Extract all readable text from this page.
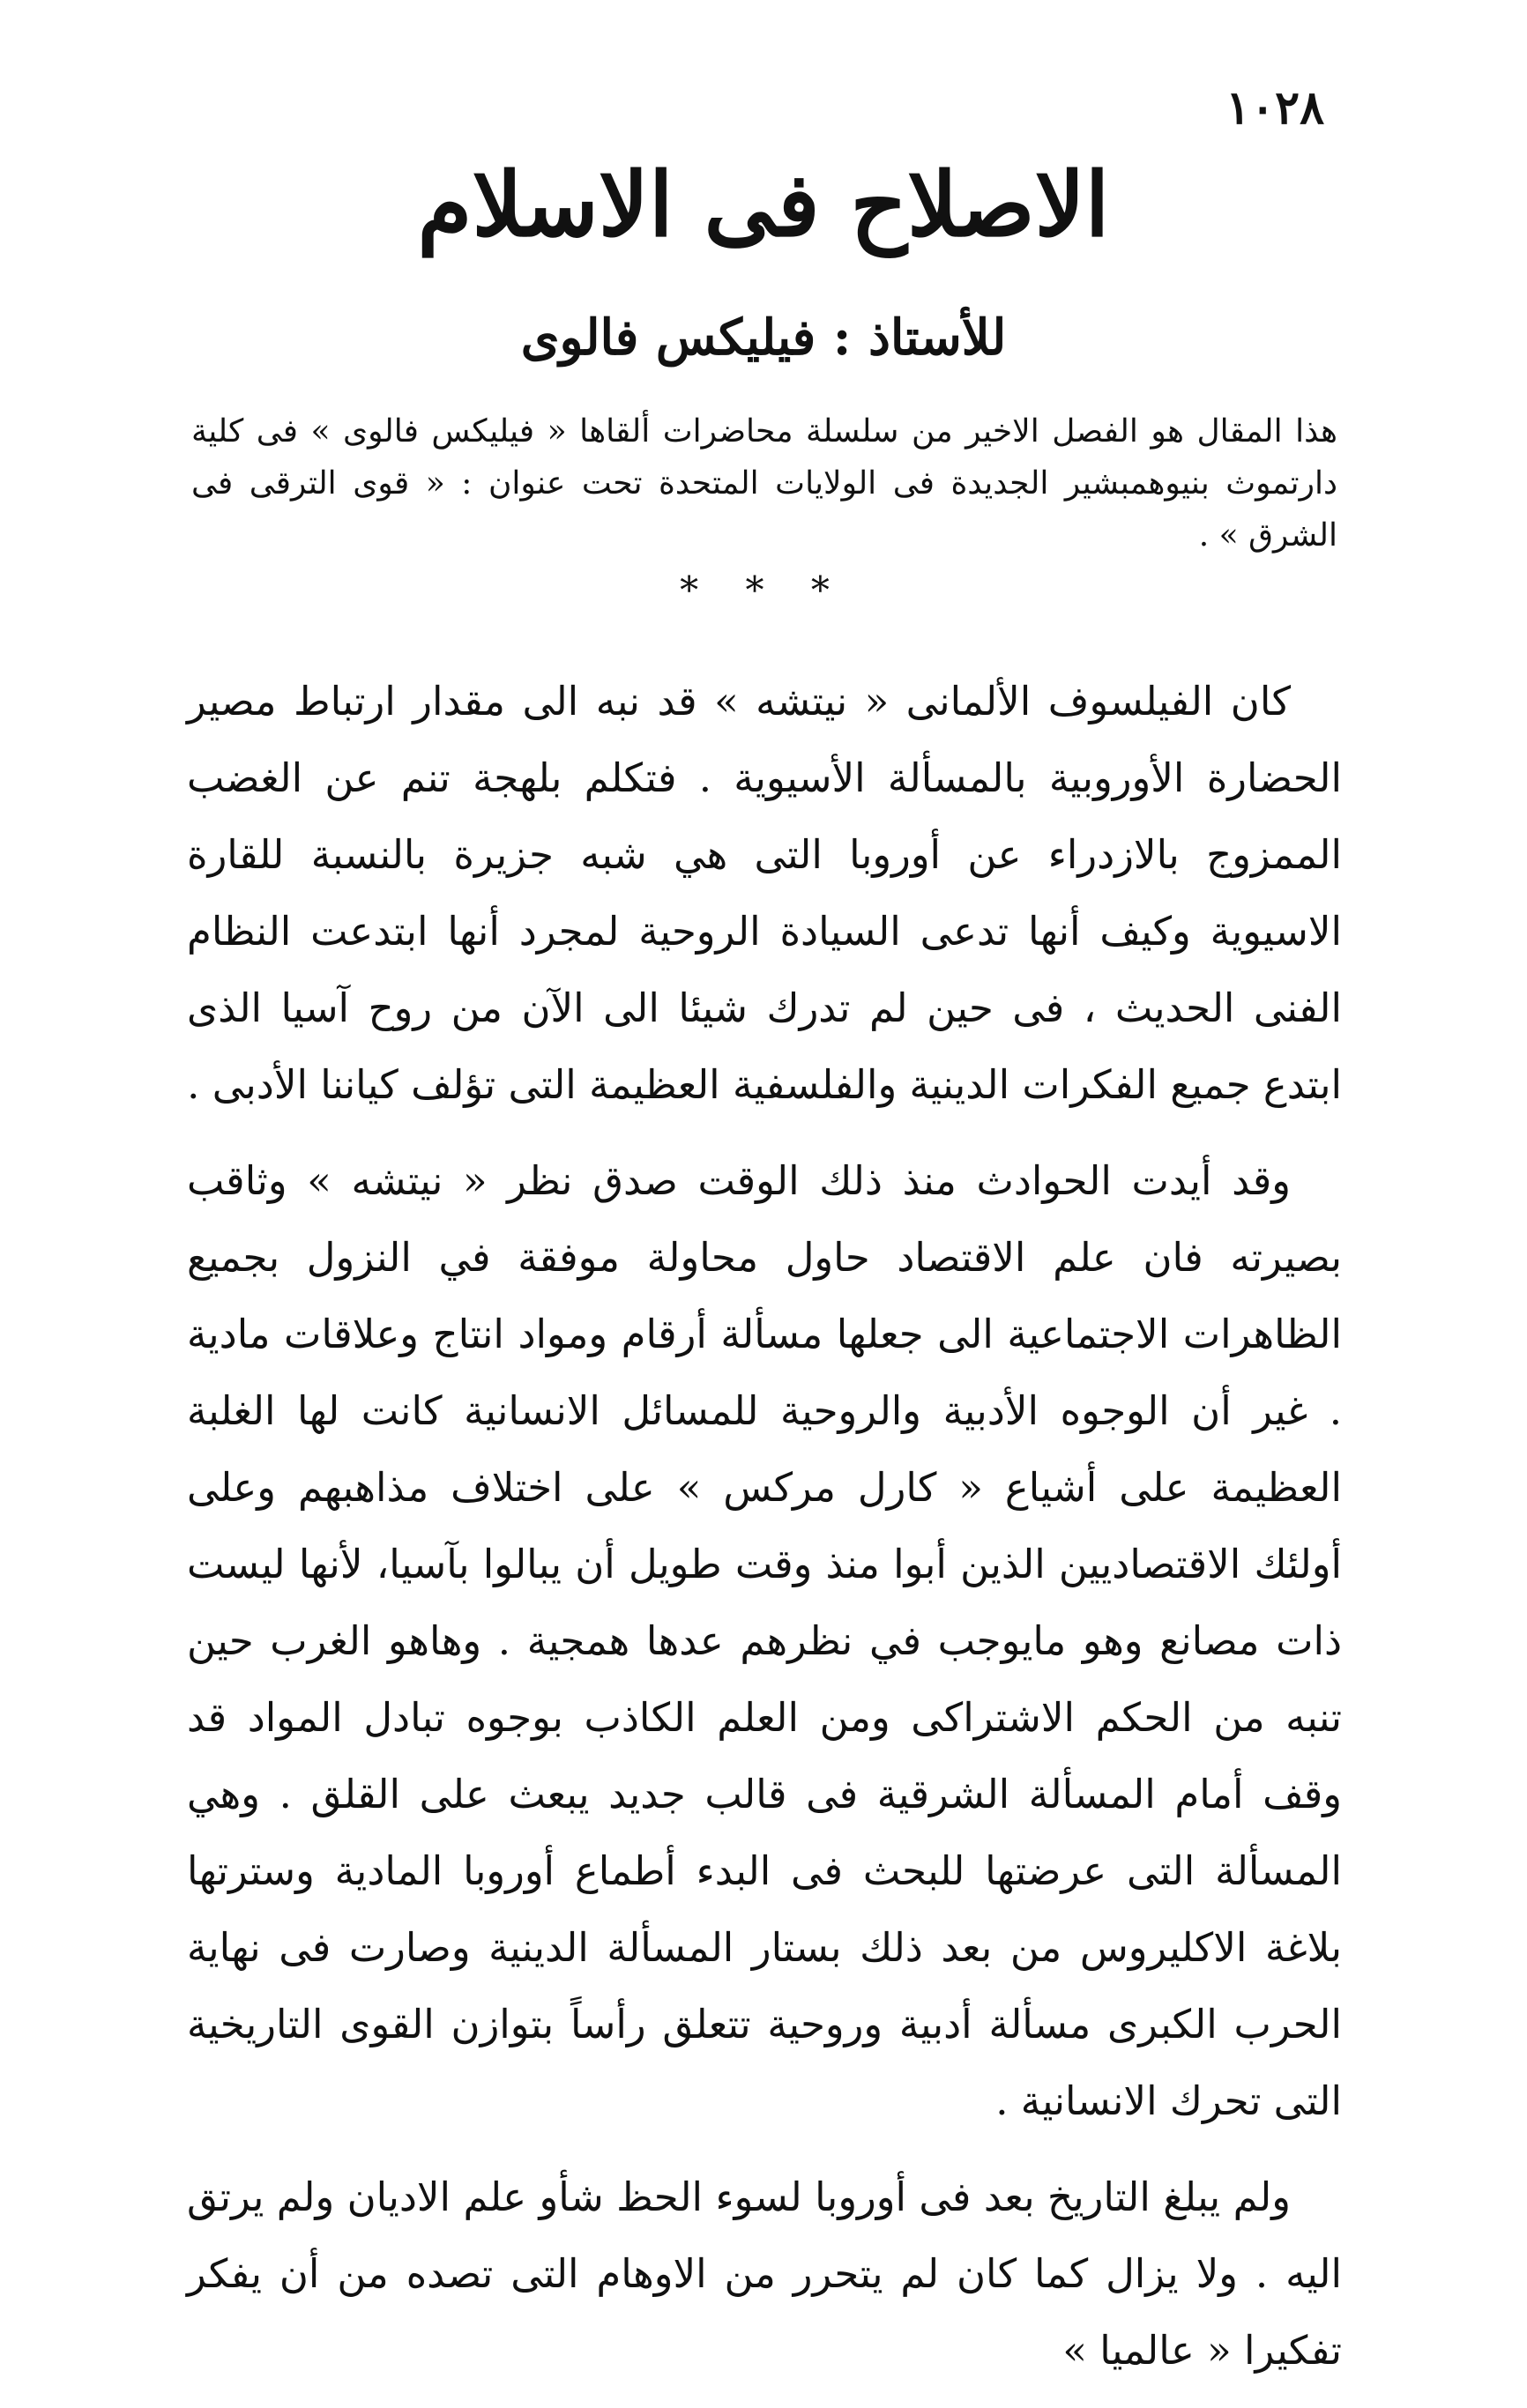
١٠٢٨
الاصلاح فى الاسلام
للأستاذ : فيليكس فالوى
هذا المقال هو الفصل الاخير من سلسلة محاضرات ألقاها « فيليكس فالوى » فى كلية دارتموث بنيوهمبشير الجديدة فى الولايات المتحدة تحت عنوان : « قوى الترقى فى الشرق » .
* * *

كان الفيلسوف الألمانى « نيتشه » قد نبه الى مقدار ارتباط مصير الحضارة الأوروبية بالمسألة الأسيوية . فتكلم بلهجة تنم عن الغضب الممزوج بالازدراء عن أوروبا التى هي شبه جزيرة بالنسبة للقارة الاسيوية وكيف أنها تدعى السيادة الروحية لمجرد أنها ابتدعت النظام الفنى الحديث ، فى حين لم تدرك شيئا الى الآن من روح آسيا الذى ابتدع جميع الفكرات الدينية والفلسفية العظيمة التى تؤلف كياننا الأدبى .

وقد أيدت الحوادث منذ ذلك الوقت صدق نظر « نيتشه » وثاقب بصيرته فان علم الاقتصاد حاول محاولة موفقة في النزول بجميع الظاهرات الاجتماعية الى جعلها مسألة أرقام ومواد انتاج وعلاقات مادية . غير أن الوجوه الأدبية والروحية للمسائل الانسانية كانت لها الغلبة العظيمة على أشياع « كارل مركس » على اختلاف مذاهبهم وعلى أولئك الاقتصاديين الذين أبوا منذ وقت طويل أن يبالوا بآسيا، لأنها ليست ذات مصانع وهو مايوجب في نظرهم عدها همجية . وهاهو الغرب حين تنبه من الحكم الاشتراكى ومن العلم الكاذب بوجوه تبادل المواد قد وقف أمام المسألة الشرقية فى قالب جديد يبعث على القلق . وهي المسألة التى عرضتها للبحث فى البدء أطماع أوروبا المادية وسترتها بلاغة الاكليروس من بعد ذلك بستار المسألة الدينية وصارت فى نهاية الحرب الكبرى مسألة أدبية وروحية تتعلق رأساً بتوازن القوى التاريخية التى تحرك الانسانية .

ولم يبلغ التاريخ بعد فى أوروبا لسوء الحظ شأو علم الاديان ولم يرتق اليه . ولا يزال كما كان لم يتحرر من الاوهام التى تصده من أن يفكر تفكيرا « عالميا »
